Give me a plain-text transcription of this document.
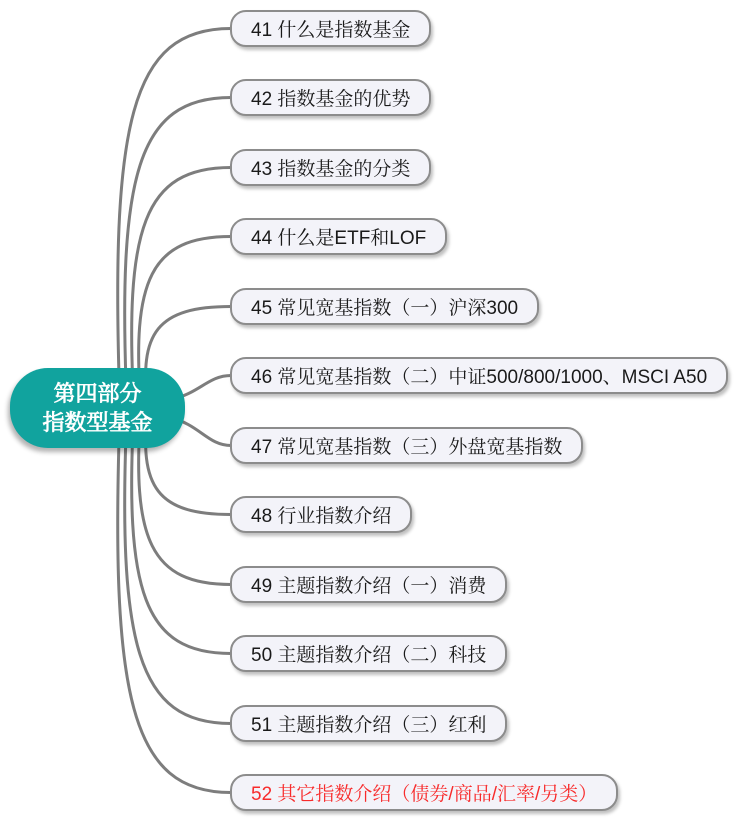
第四部分
指数型基金
41 什么是指数基金
42 指数基金的优势
43 指数基金的分类
44 什么是ETF和LOF
45 常见宽基指数（一）沪深300
46 常见宽基指数（二）中证500/800/1000、MSCI A50
47 常见宽基指数（三）外盘宽基指数
48 行业指数介绍
49 主题指数介绍（一）消费
50 主题指数介绍（二）科技
51 主题指数介绍（三）红利
52 其它指数介绍（债券/商品/汇率/另类）
